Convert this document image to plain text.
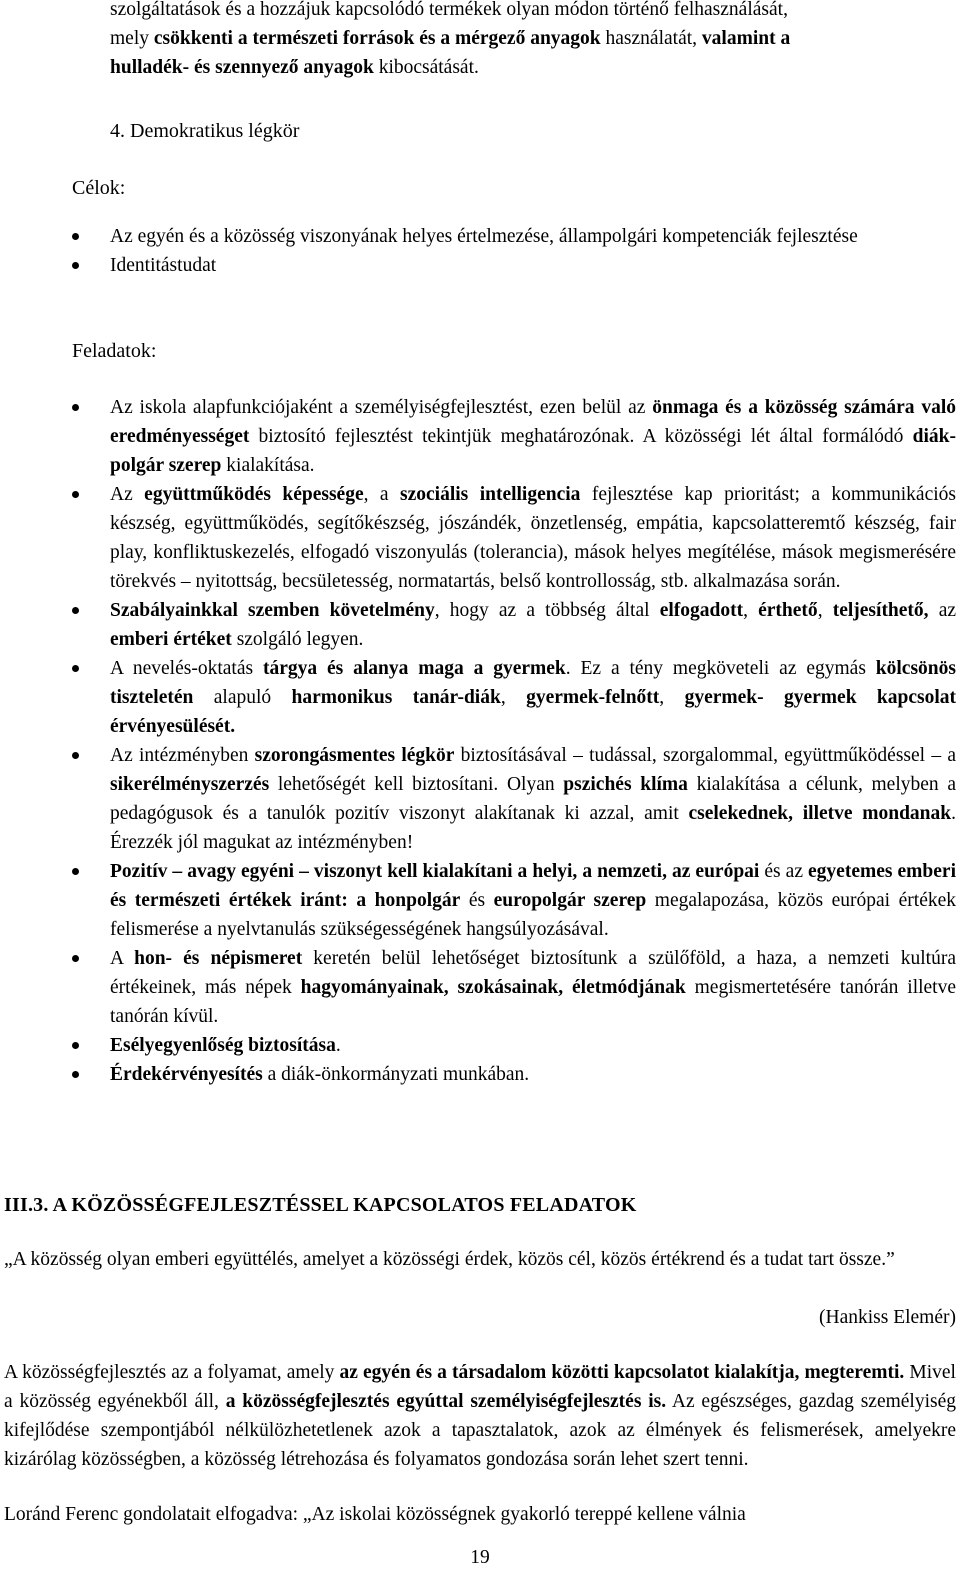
szolgáltatások és a hozzájuk kapcsolódó termékek olyan módon történő felhasználását,
mely csökkenti a természeti források és a mérgező anyagok használatát, valamint a
hulladék- és szennyező anyagok kibocsátását.
4. Demokratikus légkör
Célok:
Az egyén és a közösség viszonyának helyes értelmezése, állampolgári kompetenciák fejlesztése
Identitástudat
Feladatok:
Az iskola alapfunkciójaként a személyiségfejlesztést, ezen belül az önmaga és a közösség számára való eredményességet biztosító fejlesztést tekintjük meghatározónak. A közösségi lét által formálódó diák-polgár szerep kialakítása.
Az együttműködés képessége, a szociális intelligencia fejlesztése kap prioritást; a kommunikációs készség, együttműködés, segítőkészség, jószándék, önzetlenség, empátia, kapcsolatteremtő készség, fair play, konfliktuskezelés, elfogadó viszonyulás (tolerancia), mások helyes megítélése, mások megismerésére törekvés – nyitottság, becsületesség, normatartás, belső kontrollosság, stb. alkalmazása során.
Szabályainkkal szemben követelmény, hogy az a többség által elfogadott, érthető, teljesíthető, az emberi értéket szolgáló legyen.
A nevelés-oktatás tárgya és alanya maga a gyermek. Ez a tény megköveteli az egymás kölcsönös tiszteletén alapuló harmonikus tanár-diák, gyermek-felnőtt, gyermek- gyermek kapcsolat érvényesülését.
Az intézményben szorongásmentes légkör biztosításával – tudással, szorgalommal, együttműködéssel – a sikerélményszerzés lehetőségét kell biztosítani. Olyan pszichés klíma kialakítása a célunk, melyben a pedagógusok és a tanulók pozitív viszonyt alakítanak ki azzal, amit cselekednek, illetve mondanak. Érezzék jól magukat az intézményben!
Pozitív – avagy egyéni – viszonyt kell kialakítani a helyi, a nemzeti, az európai és az egyetemes emberi és természeti értékek iránt: a honpolgár és europolgár szerep megalapozása, közös európai értékek felismerése a nyelvtanulás szükségességének hangsúlyozásával.
A hon- és népismeret keretén belül lehetőséget biztosítunk a szülőföld, a haza, a nemzeti kultúra értékeinek, más népek hagyományainak, szokásainak, életmódjának megismertetésére tanórán illetve tanórán kívül.
Esélyegyenlőség biztosítása.
Érdekérvényesítés a diák-önkormányzati munkában.
III.3. A KÖZÖSSÉGFEJLESZTÉSSEL KAPCSOLATOS FELADATOK
„A közösség olyan emberi együttélés, amelyet a közösségi érdek, közös cél, közös értékrend és a tudat tart össze.”
(Hankiss Elemér)
A közösségfejlesztés az a folyamat, amely az egyén és a társadalom közötti kapcsolatot kialakítja, megteremti. Mivel a közösség egyénekből áll, a közösségfejlesztés egyúttal személyiségfejlesztés is. Az egészséges, gazdag személyiség kifejlődése szempontjából nélkülözhetetlenek azok a tapasztalatok, azok az élmények és felismerések, amelyekre kizárólag közösségben, a közösség létrehozása és folyamatos gondozása során lehet szert tenni.
Loránd Ferenc gondolatait elfogadva: „Az iskolai közösségnek gyakorló tereppé kellene válnia
19
